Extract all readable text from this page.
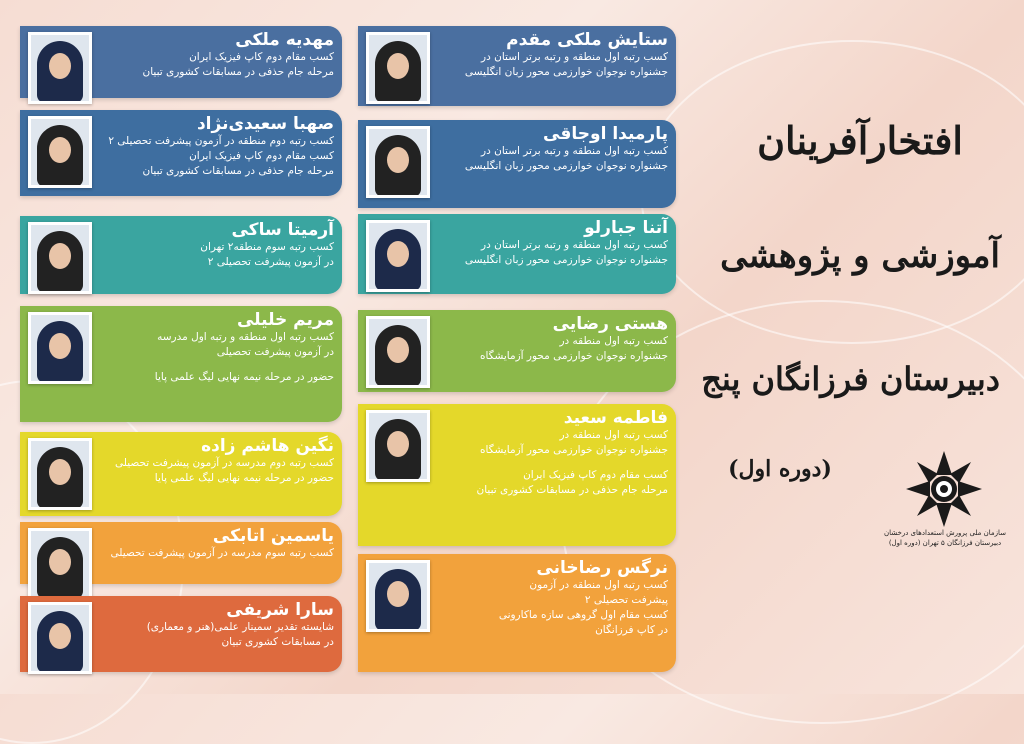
مهدیه ملکی
کسب مقام دوم کاپ فیزیک ایران
مرحله جام حذفی در مسابقات کشوری تبیان
صهبا سعیدی‌نژاد
کسب رتبه دوم منطقه در آزمون پیشرفت تحصیلی ۲
کسب مقام دوم کاپ فیزیک ایران
مرحله جام حذفی در مسابقات کشوری تبیان
آرمیتا ساکی
کسب رتبه سوم منطقه۲ تهران
در آزمون پیشرفت تحصیلی ۲
مریم خلیلی
کسب رتبه اول منطقه و رتبه اول مدرسه
در آزمون پیشرفت تحصیلی
حضور در مرحله نیمه نهایی لیگ علمی پایا
نگین هاشم زاده
کسب رتبه دوم مدرسه در آزمون پیشرفت تحصیلی
حضور در مرحله نیمه نهایی لیگ علمی پایا
یاسمین اتابکی
کسب رتبه سوم مدرسه در آزمون پیشرفت تحصیلی
سارا شریفی
شایسته تقدیر سمینار علمی(هنر و معماری)
در مسابقات کشوری تبیان
ستایش ملکی مقدم
کسب رتبه اول منطقه و رتبه برتر استان در
جشنواره نوجوان خوارزمی محور زبان انگلیسی
پارمیدا اوجاقی
کسب رتبه اول منطقه و رتبه برتر استان در
جشنواره نوجوان خوارزمی محور زبان انگلیسی
آتنا جبارلو
کسب رتبه اول منطقه و رتبه برتر استان در
جشنواره نوجوان خوارزمی محور زبان انگلیسی
هستی رضایی
کسب رتبه اول منطقه در
جشنواره نوجوان خوارزمی محور آزمایشگاه
فاطمه سعید
کسب رتبه اول منطقه در
جشنواره نوجوان خوارزمی محور آزمایشگاه
کسب مقام دوم کاپ فیزیک ایران
مرحله جام حذفی در مسابقات کشوری تبیان
نرگس رضاخانی
کسب رتبه اول منطقه در آزمون
پیشرفت تحصیلی ۲
کسب مقام اول گروهی سازه ماکارونی
در کاپ فرزانگان
افتخارآفرینان
آموزشی و پژوهشی
دبیرستان فرزانگان پنج
(دوره اول)
سازمان ملی پرورش استعدادهای درخشان
دبیرستان فرزانگان ۵ تهران (دوره اول)
